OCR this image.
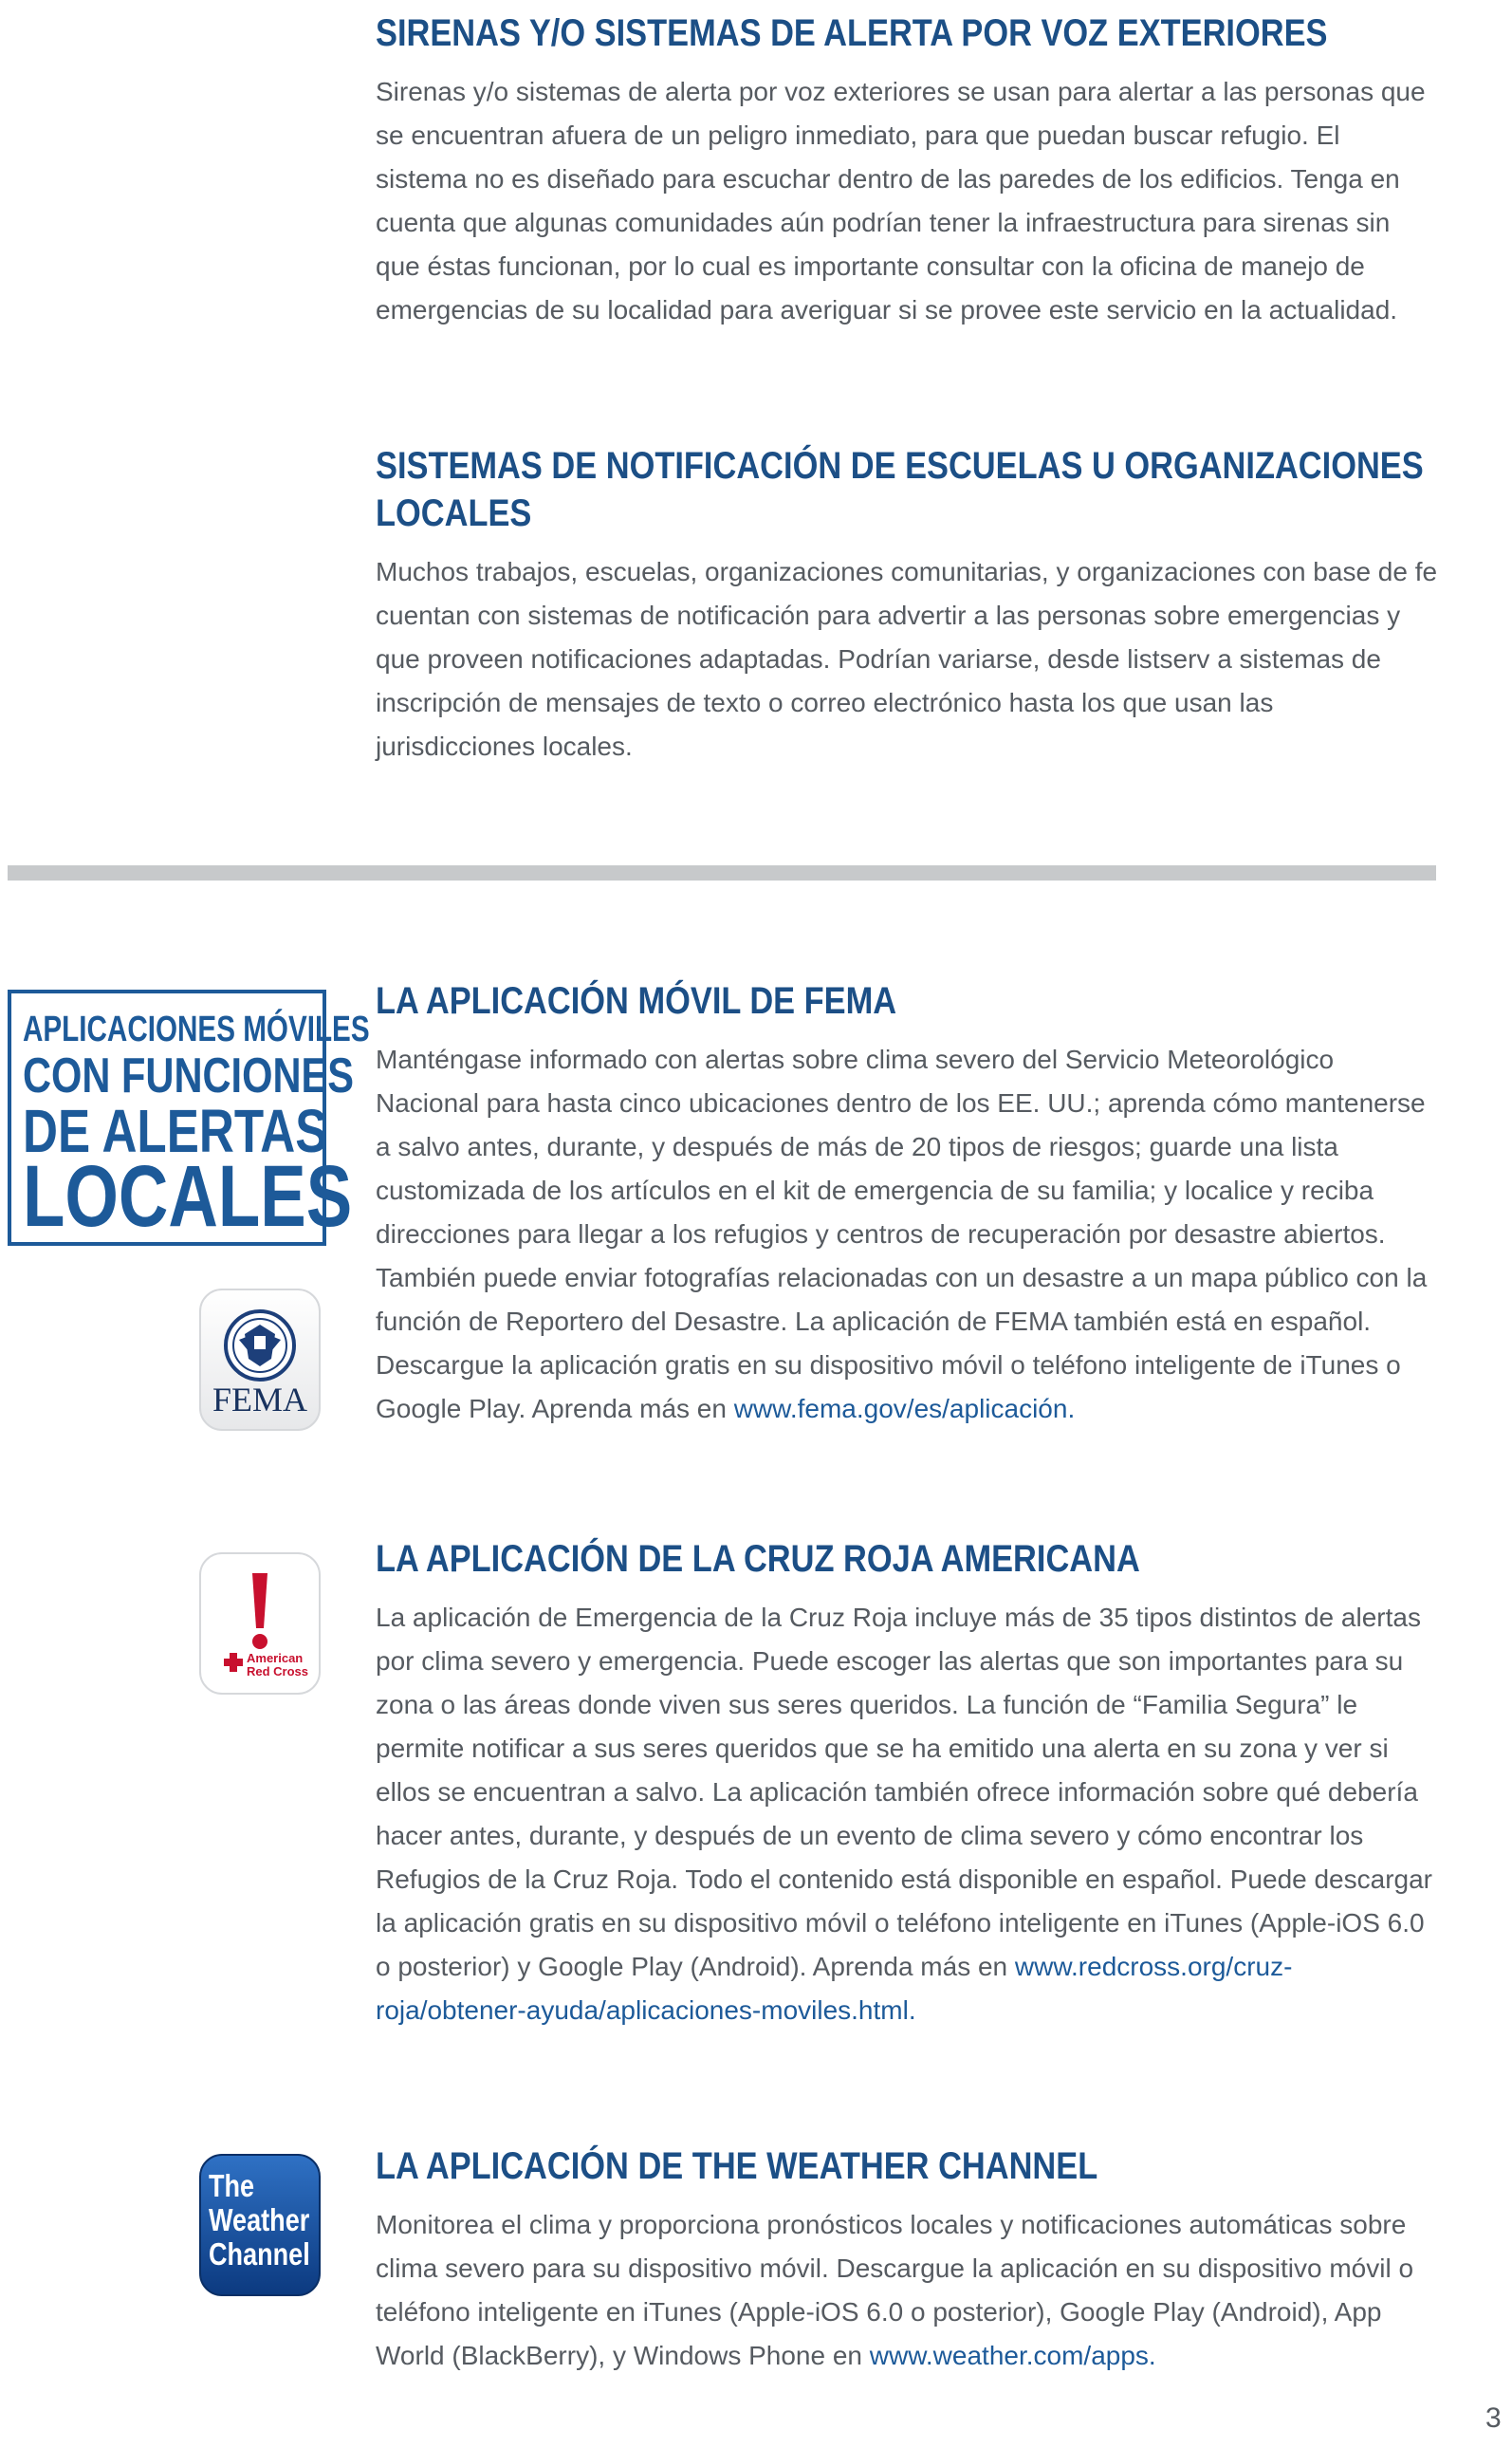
SIRENAS Y/O SISTEMAS DE ALERTA POR VOZ EXTERIORES

Sirenas y/o sistemas de alerta por voz exteriores se usan para alertar a las personas que se encuentran afuera de un peligro inmediato, para que puedan buscar refugio. El sistema no es diseñado para escuchar dentro de las paredes de los edificios. Tenga en cuenta que algunas comunidades aún podrían tener la infraestructura para sirenas sin que éstas funcionan, por lo cual es importante consultar con la oficina de manejo de emergencias de su localidad para averiguar si se provee este servicio en la actualidad.

SISTEMAS DE NOTIFICACIÓN DE ESCUELAS U ORGANIZACIONES
LOCALES

Muchos trabajos, escuelas, organizaciones comunitarias, y organizaciones con base de fe cuentan con sistemas de notificación para advertir a las personas sobre emergencias y que proveen notificaciones adaptadas. Podrían variarse, desde listserv a sistemas de inscripción de mensajes de texto o correo electrónico hasta los que usan las jurisdicciones locales.

APLICACIONES MÓVILES
CON FUNCIONES
DE ALERTAS
LOCALES
FEMA
LA APLICACIÓN MÓVIL DE FEMA

Manténgase informado con alertas sobre clima severo del Servicio Meteorológico Nacional para hasta cinco ubicaciones dentro de los EE. UU.; aprenda cómo mantenerse a salvo antes, durante, y después de más de 20 tipos de riesgos; guarde una lista customizada de los artículos en el kit de emergencia de su familia; y localice y reciba direcciones para llegar a los refugios y centros de recuperación por desastre abiertos. También puede enviar fotografías relacionadas con un desastre a un mapa público con la función de Reportero del Desastre. La aplicación de FEMA también está en español. Descargue la aplicación gratis en su dispositivo móvil o teléfono inteligente de iTunes o Google Play. Aprenda más en www.fema.gov/es/aplicación.

American
Red Cross
LA APLICACIÓN DE LA CRUZ ROJA AMERICANA

La aplicación de Emergencia de la Cruz Roja incluye más de 35 tipos distintos de alertas por clima severo y emergencia. Puede escoger las alertas que son importantes para su zona o las áreas donde viven sus seres queridos. La función de “Familia Segura” le permite notificar a sus seres queridos que se ha emitido una alerta en su zona y ver si ellos se encuentran a salvo. La aplicación también ofrece información sobre qué debería hacer antes, durante, y después de un evento de clima severo y cómo encontrar los Refugios de la Cruz Roja. Todo el contenido está disponible en español. Puede descargar la aplicación gratis en su dispositivo móvil o teléfono inteligente en iTunes (Apple-iOS 6.0 o posterior) y Google Play (Android). Aprenda más en www.redcross.org/cruz-roja/obtener-ayuda/aplicaciones-moviles.html.

The
Weather
Channel
LA APLICACIÓN DE THE WEATHER CHANNEL

Monitorea el clima y proporciona pronósticos locales y notificaciones automáticas sobre clima severo para su dispositivo móvil. Descargue la aplicación en su dispositivo móvil o teléfono inteligente en iTunes (Apple-iOS 6.0 o posterior), Google Play (Android), App World (BlackBerry), y Windows Phone en www.weather.com/apps.

3
